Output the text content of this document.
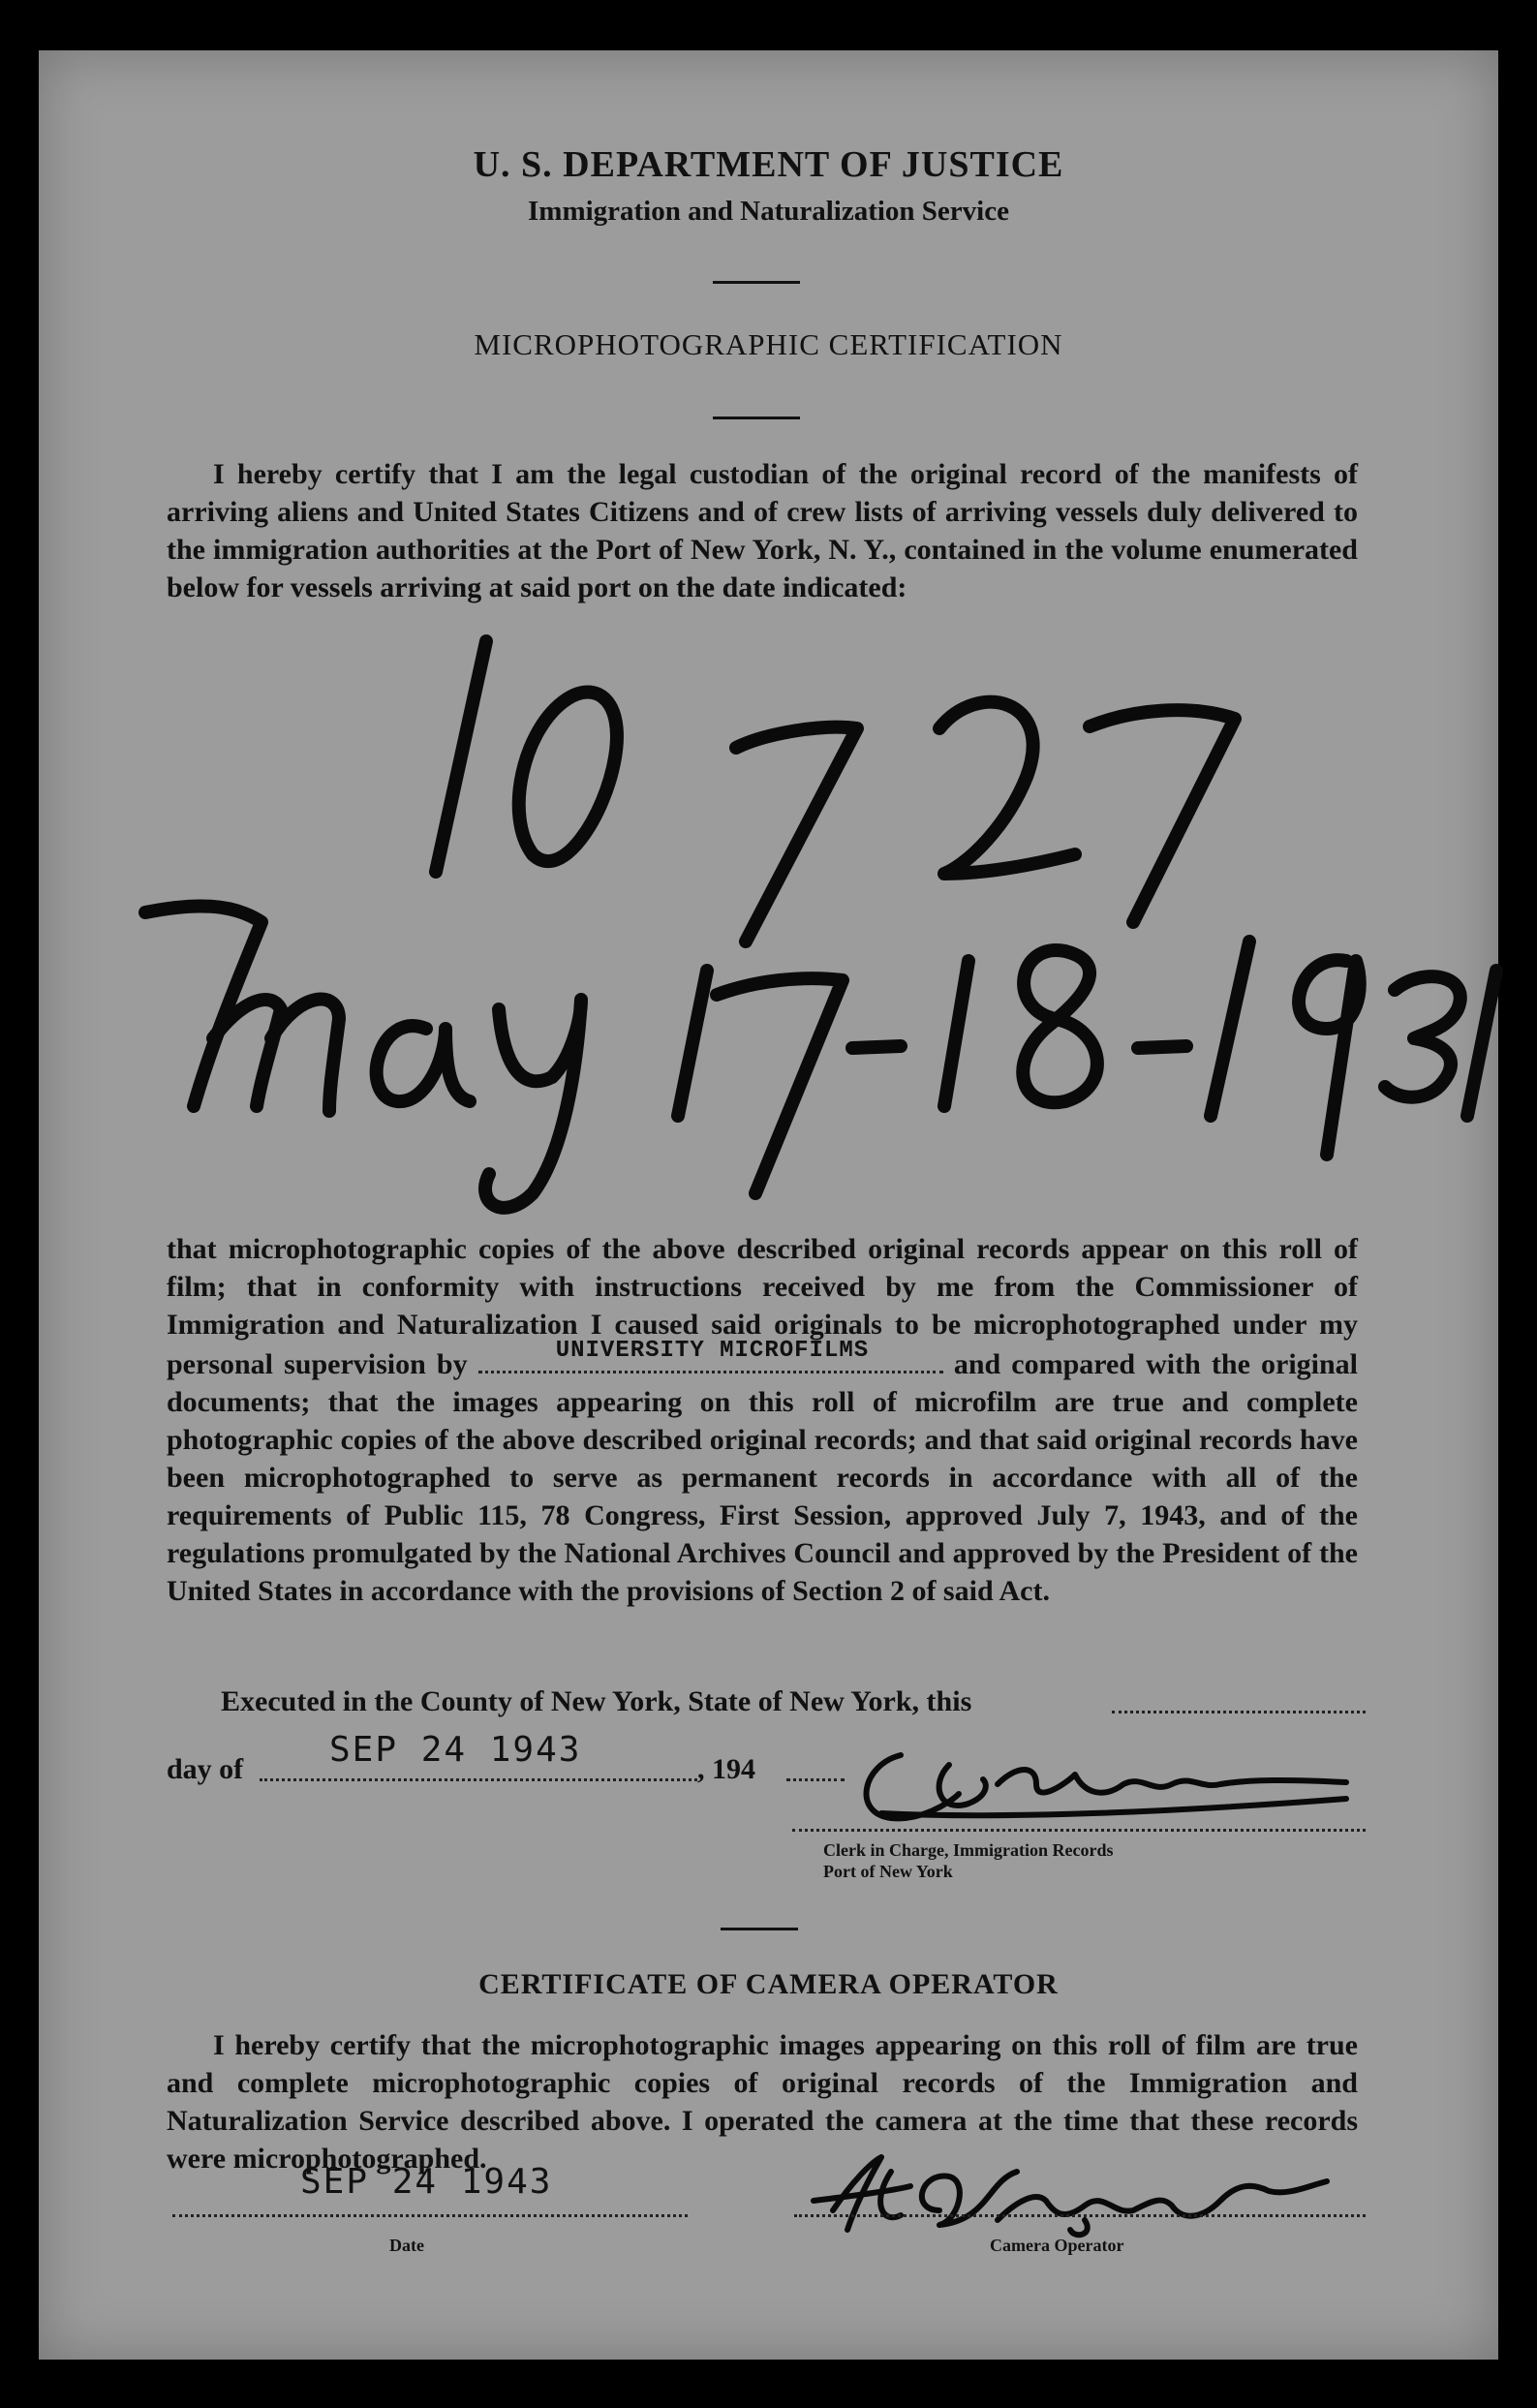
U. S. DEPARTMENT OF JUSTICE
Immigration and Naturalization Service
MICROPHOTOGRAPHIC CERTIFICATION
I hereby certify that I am the legal custodian of the original record of the manifests of arriving aliens and United States Citizens and of crew lists of arriving vessels duly delivered to the immigration authorities at the Port of New York, N. Y., contained in the volume enumerated below for vessels arriving at said port on the date indicated:
that microphotographic copies of the above described original records appear on this roll of film; that in conformity with instructions received by me from the Commissioner of Immigration and Naturalization I caused said originals to be microphotographed under my personal supervision by	UNIVERSITY MICROFILMS	and compared with the original documents; that the images appearing on this roll of microfilm are true and complete photographic copies of the above described original records; and that said original records have been microphotographed to serve as permanent records in accordance with all of the requirements of Public 115, 78 Congress, First Session, approved July 7, 1943, and of the regulations promulgated by the National Archives Council and approved by the President of the United States in accordance with the provisions of Section 2 of said Act.
Executed in the County of New York, State of New York, this
day of SEP 24 1943	, 194
Clerk in Charge, Immigration Records
Port of New York
CERTIFICATE OF CAMERA OPERATOR
I hereby certify that the microphotographic images appearing on this roll of film are true and complete microphotographic copies of original records of the Immigration and Naturalization Service described above. I operated the camera at the time that these records were microphotographed.
SEP 24 1943
Date	Camera Operator
